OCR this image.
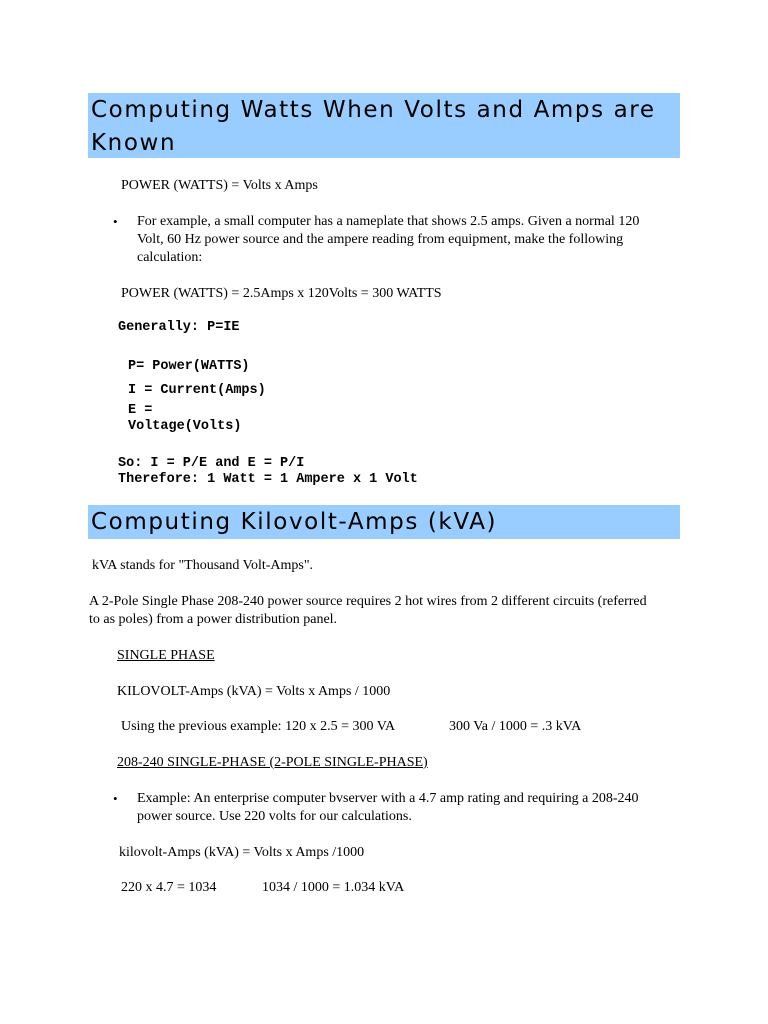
Computing Watts When Volts and Amps are Known
POWER (WATTS) = Volts x Amps
• For example, a small computer has a nameplate that shows 2.5 amps. Given a normal 120 Volt, 60 Hz power source and the ampere reading from equipment, make the following calculation:
POWER (WATTS) = 2.5Amps x 120Volts = 300 WATTS
Generally: P=IE
P= Power(WATTS)
I = Current(Amps)
E =
Voltage(Volts)
So: I = P/E and E = P/I
Therefore: 1 Watt = 1 Ampere x 1 Volt
Computing Kilovolt-Amps (kVA)
kVA stands for "Thousand Volt-Amps".
A 2-Pole Single Phase 208-240 power source requires 2 hot wires from 2 different circuits (referred to as poles) from a power distribution panel.
SINGLE PHASE
KILOVOLT-Amps (kVA) = Volts x Amps / 1000
Using the previous example: 120 x 2.5 = 300 VA	300 Va / 1000 = .3 kVA
208-240 SINGLE-PHASE (2-POLE SINGLE-PHASE)
• Example: An enterprise computer bvserver with a 4.7 amp rating and requiring a 208-240 power source. Use 220 volts for our calculations.
kilovolt-Amps (kVA) = Volts x Amps /1000
220 x 4.7 = 1034	1034 / 1000 = 1.034 kVA
